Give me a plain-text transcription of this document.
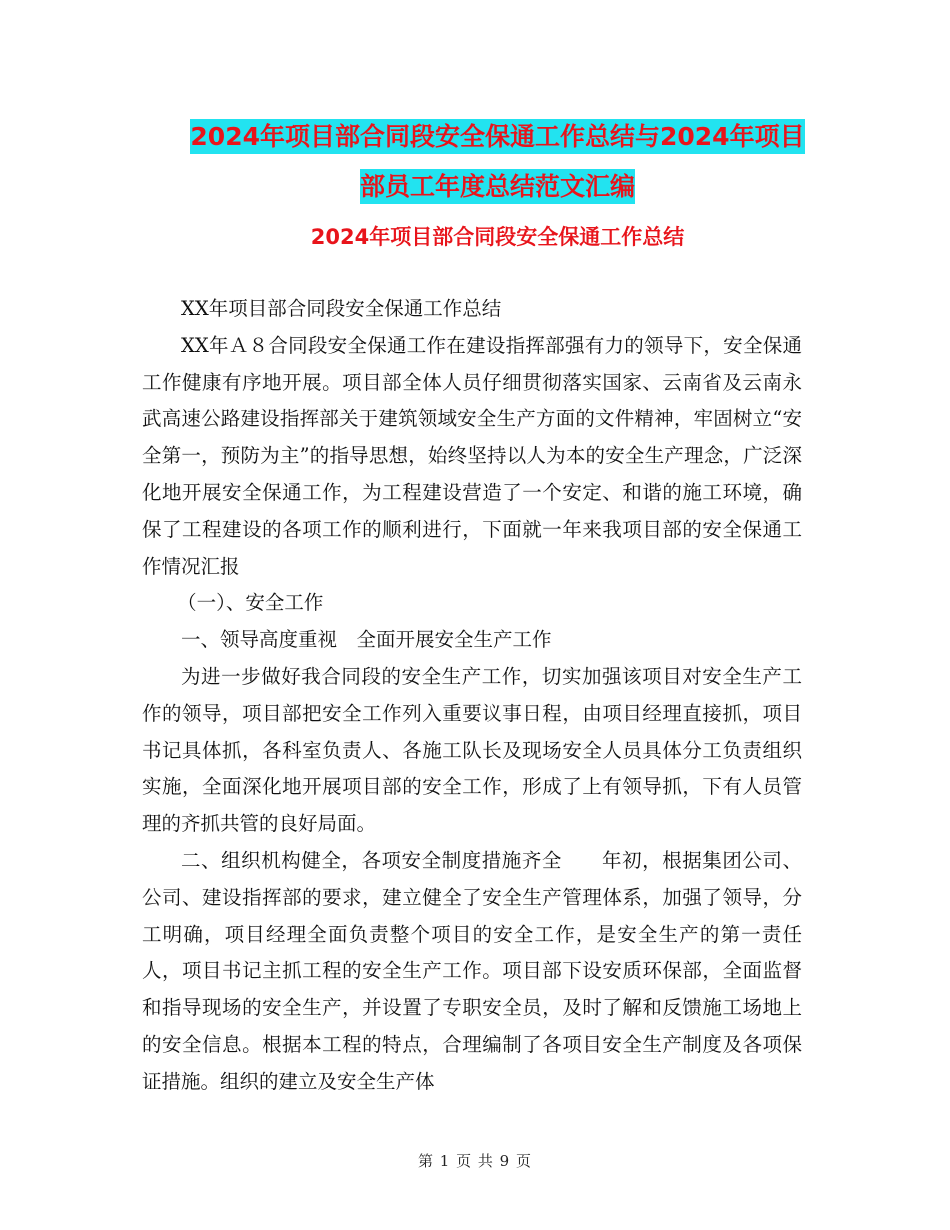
2024年项目部合同段安全保通工作总结与2024年项目
部员工年度总结范文汇编
2024年项目部合同段安全保通工作总结

XX年项目部合同段安全保通工作总结

XX年Ａ８合同段安全保通工作在建设指挥部强有力的领导下，安全保通工作健康有序地开展。项目部全体人员仔细贯彻落实国家、云南省及云南永武高速公路建设指挥部关于建筑领域安全生产方面的文件精神，牢固树立“安全第一，预防为主”的指导思想，始终坚持以人为本的安全生产理念，广泛深化地开展安全保通工作，为工程建设营造了一个安定、和谐的施工环境，确保了工程建设的各项工作的顺利进行，下面就一年来我项目部的安全保通工作情况汇报

（一）、安全工作

一、领导高度重视　全面开展安全生产工作

为进一步做好我合同段的安全生产工作，切实加强该项目对安全生产工作的领导，项目部把安全工作列入重要议事日程，由项目经理直接抓，项目书记具体抓，各科室负责人、各施工队长及现场安全人员具体分工负责组织实施，全面深化地开展项目部的安全工作，形成了上有领导抓，下有人员管理的齐抓共管的良好局面。

二、组织机构健全，各项安全制度措施齐全　　年初，根据集团公司、公司、建设指挥部的要求，建立健全了安全生产管理体系，加强了领导，分工明确，项目经理全面负责整个项目的安全工作，是安全生产的第一责任人，项目书记主抓工程的安全生产工作。项目部下设安质环保部，全面监督和指导现场的安全生产，并设置了专职安全员，及时了解和反馈施工场地上的安全信息。根据本工程的特点，合理编制了各项目安全生产制度及各项保证措施。组织的建立及安全生产体

第 1 页 共 9 页
